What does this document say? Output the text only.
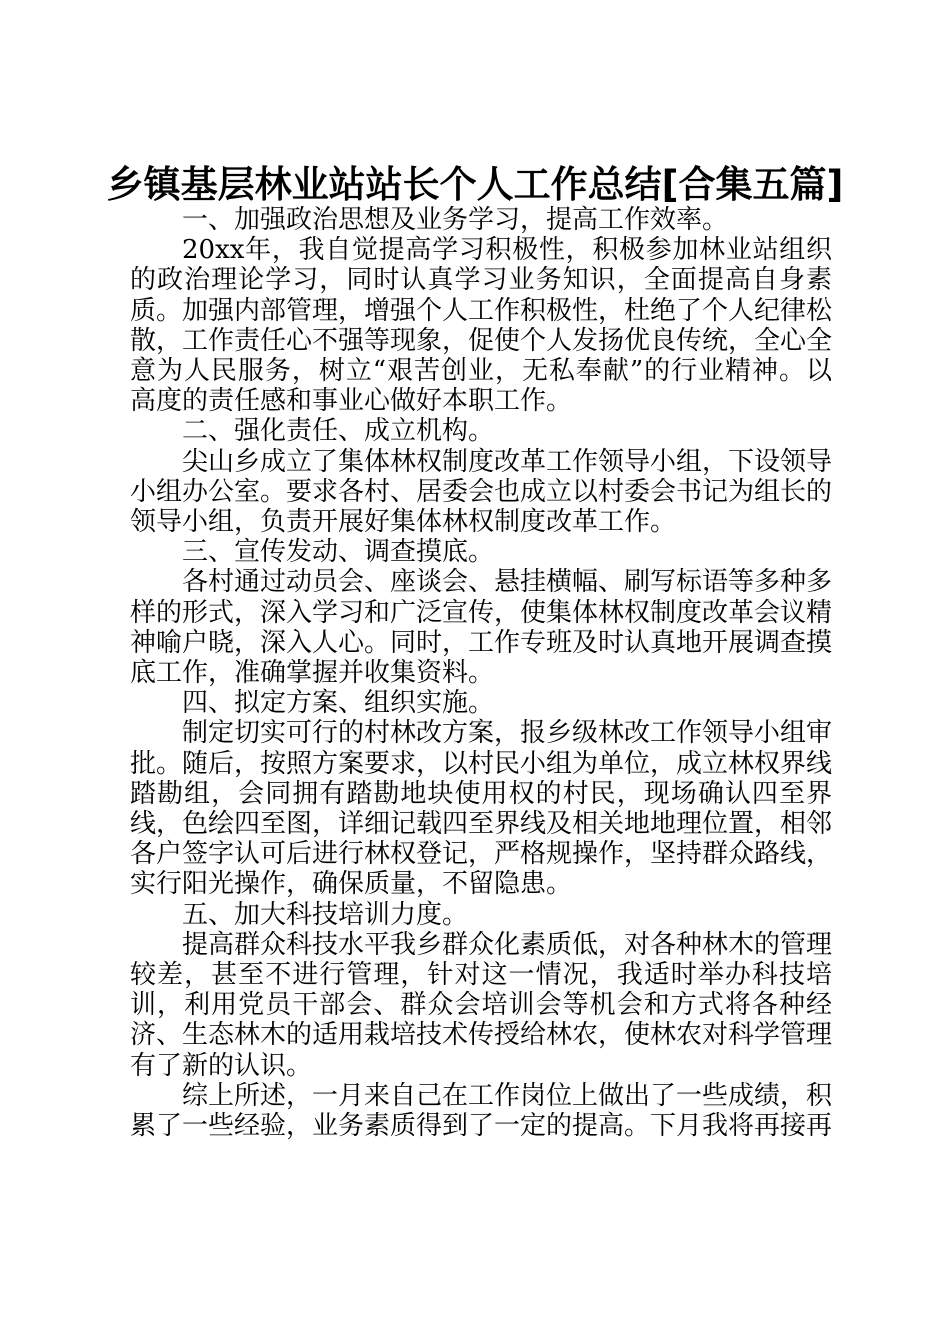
乡镇基层林业站站长个人工作总结[合集五篇]

一、加强政治思想及业务学习，提高工作效率。

20xx年，我自觉提高学习积极性，积极参加林业站组织的政治理论学习，同时认真学习业务知识，全面提高自身素质。加强内部管理，增强个人工作积极性，杜绝了个人纪律松散，工作责任心不强等现象，促使个人发扬优良传统，全心全意为人民服务，树立“艰苦创业，无私奉献”的行业精神。以高度的责任感和事业心做好本职工作。

二、强化责任、成立机构。

尖山乡成立了集体林权制度改革工作领导小组，下设领导小组办公室。要求各村、居委会也成立以村委会书记为组长的领导小组，负责开展好集体林权制度改革工作。

三、宣传发动、调查摸底。

各村通过动员会、座谈会、悬挂横幅、刷写标语等多种多样的形式，深入学习和广泛宣传，使集体林权制度改革会议精神喻户晓，深入人心。同时，工作专班及时认真地开展调查摸底工作，准确掌握并收集资料。

四、拟定方案、组织实施。

制定切实可行的村林改方案，报乡级林改工作领导小组审批。随后，按照方案要求，以村民小组为单位，成立林权界线踏勘组，会同拥有踏勘地块使用权的村民，现场确认四至界线，色绘四至图，详细记载四至界线及相关地地理位置，相邻各户签字认可后进行林权登记，严格规操作，坚持群众路线，实行阳光操作，确保质量，不留隐患。

五、加大科技培训力度。

提高群众科技水平我乡群众化素质低，对各种林木的管理较差，甚至不进行管理，针对这一情况，我适时举办科技培训，利用党员干部会、群众会培训会等机会和方式将各种经济、生态林木的适用栽培技术传授给林农，使林农对科学管理有了新的认识。

综上所述，一月来自己在工作岗位上做出了一些成绩，积累了一些经验，业务素质得到了一定的提高。下月我将再接再
